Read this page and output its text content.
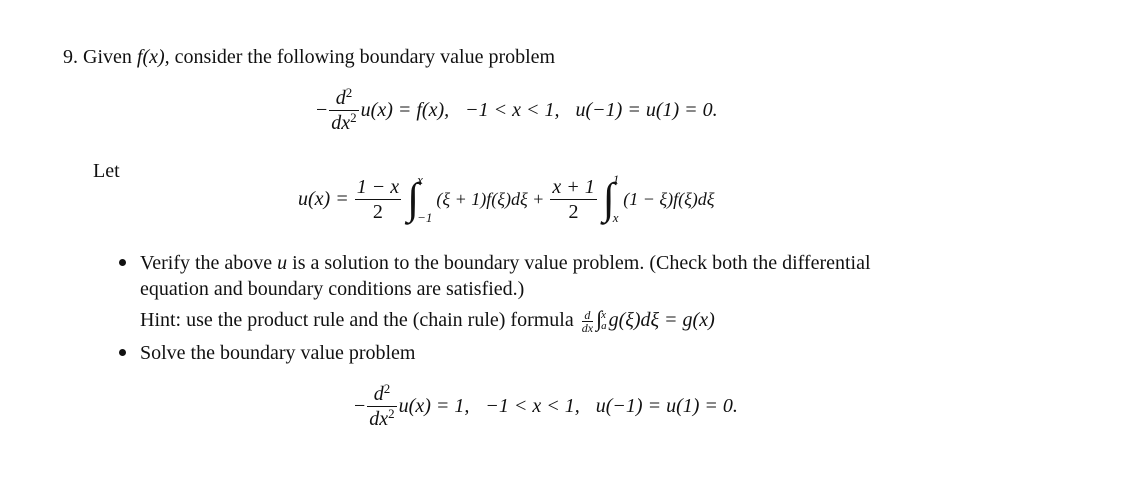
9. Given f(x), consider the following boundary value problem
− $\frac{d^2}{dx^2} u(x) = f(x)$, −1 < x < 1, u(−1) = u(1) = 0.
Let
$u(x) = \frac{1 - x}{2}$ ∫
x
−1
$(\xi + 1)f(\xi)d\xi + \frac{x + 1}{2}$ ∫
1
x
(1 − ξ)f(ξ)dξ
Verify the above u is a solution to the boundary value problem. (Check both the differential
equation and boundary conditions are satisfied.)
Hint: use the product rule and the (chain rule) formula $\frac{d}{dx}$ ∫ x
a g(ξ)dξ = g(x)
Solve the boundary value problem
− $\frac{d^2}{dx^2} u(x) = 1$, −1 < x < 1, u(−1) = u(1) = 0.
